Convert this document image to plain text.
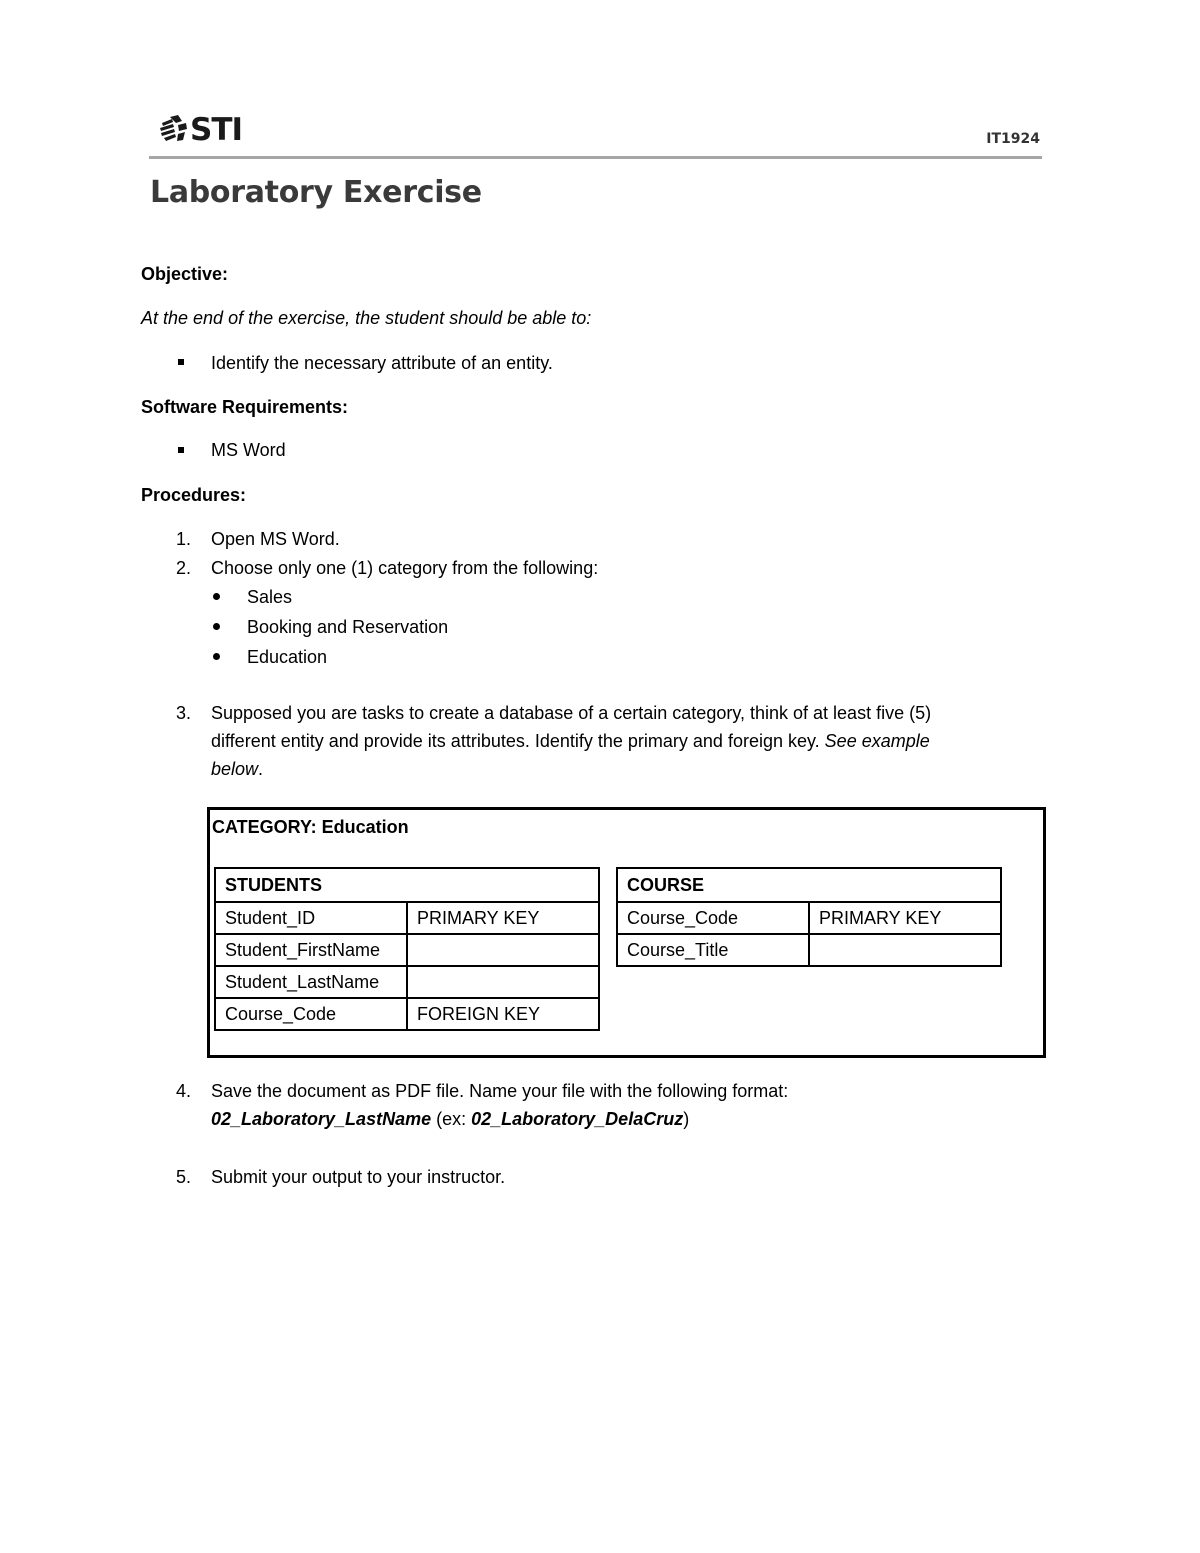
STI	IT1924
Laboratory Exercise
Objective:
At the end of the exercise, the student should be able to:
Identify the necessary attribute of an entity.
Software Requirements:
MS Word
Procedures:
1.	Open MS Word.
2.	Choose only one (1) category from the following:
Sales
Booking and Reservation
Education
3.	Supposed you are tasks to create a database of a certain category, think of at least five (5)
different entity and provide its attributes. Identify the primary and foreign key. See example
below.
CATEGORY: Education
STUDENTS	
Student_ID	PRIMARY KEY
Student_FirstName	
Student_LastName	
Course_Code	FOREIGN KEY
COURSE	
Course_Code	PRIMARY KEY
Course_Title	
4.	Save the document as PDF file. Name your file with the following format:
02_Laboratory_LastName (ex: 02_Laboratory_DelaCruz)
5.	Submit your output to your instructor.
